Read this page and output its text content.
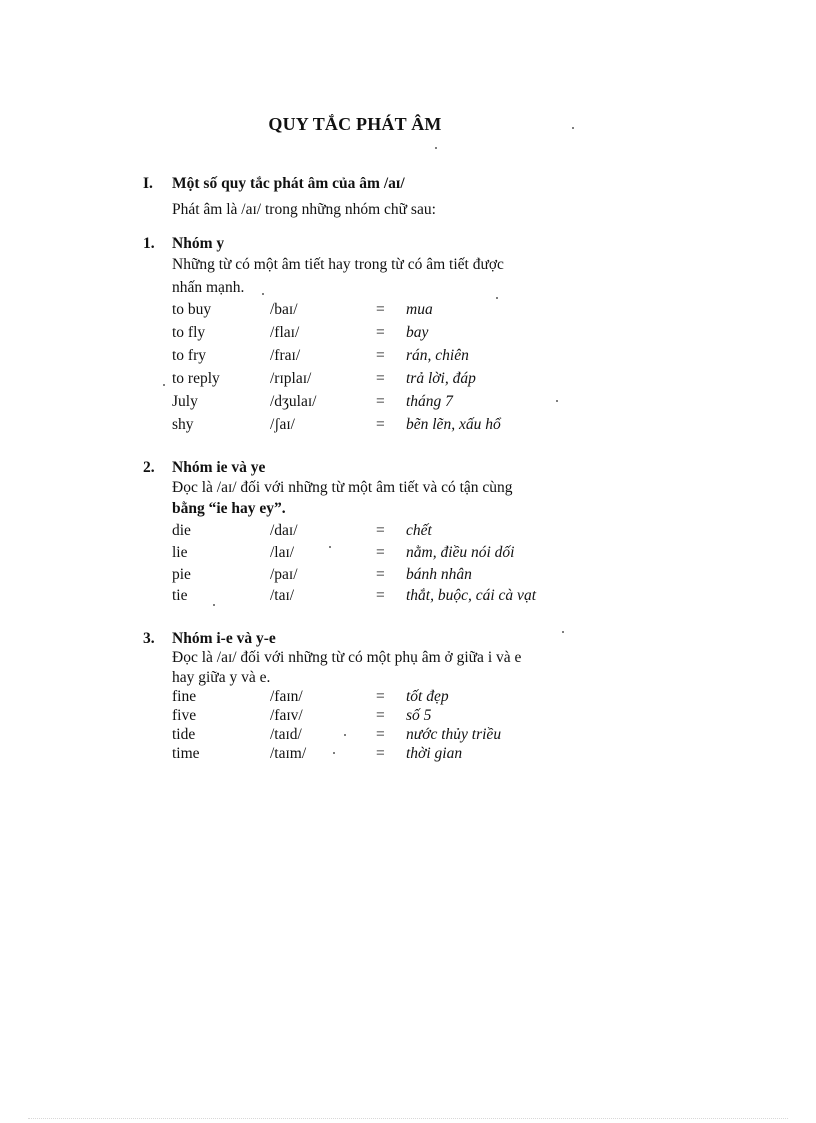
QUY TẮC PHÁT ÂM
I. Một số quy tắc phát âm của âm /aɪ/
Phát âm là /aɪ/ trong những nhóm chữ sau:
1. Nhóm y
Những từ có một âm tiết hay trong từ có âm tiết được
nhấn mạnh.
to buy	/baɪ/	= mua
to fly	/flaɪ/	= bay
to fry	/fraɪ/	= rán, chiên
to reply	/rɪplaɪ/	= trả lời, đáp
July	/dʒulaɪ/	= tháng 7
shy	/ʃaɪ/	= bẽn lẽn, xấu hổ
2. Nhóm ie và ye
Đọc là /aɪ/ đối với những từ một âm tiết và có tận cùng
bằng “ie hay ey”.
die	/daɪ/	= chết
lie	/laɪ/	= nằm, điều nói dối
pie	/paɪ/	= bánh nhân
tie	/taɪ/	= thắt, buộc, cái cà vạt
3. Nhóm i-e và y-e
Đọc là /aɪ/ đối với những từ có một phụ âm ở giữa i và e
hay giữa y và e.
fine	/faɪn/	= tốt đẹp
five	/faɪv/	= số 5
tide	/taɪd/	= nước thủy triều
time	/taɪm/	= thời gian
